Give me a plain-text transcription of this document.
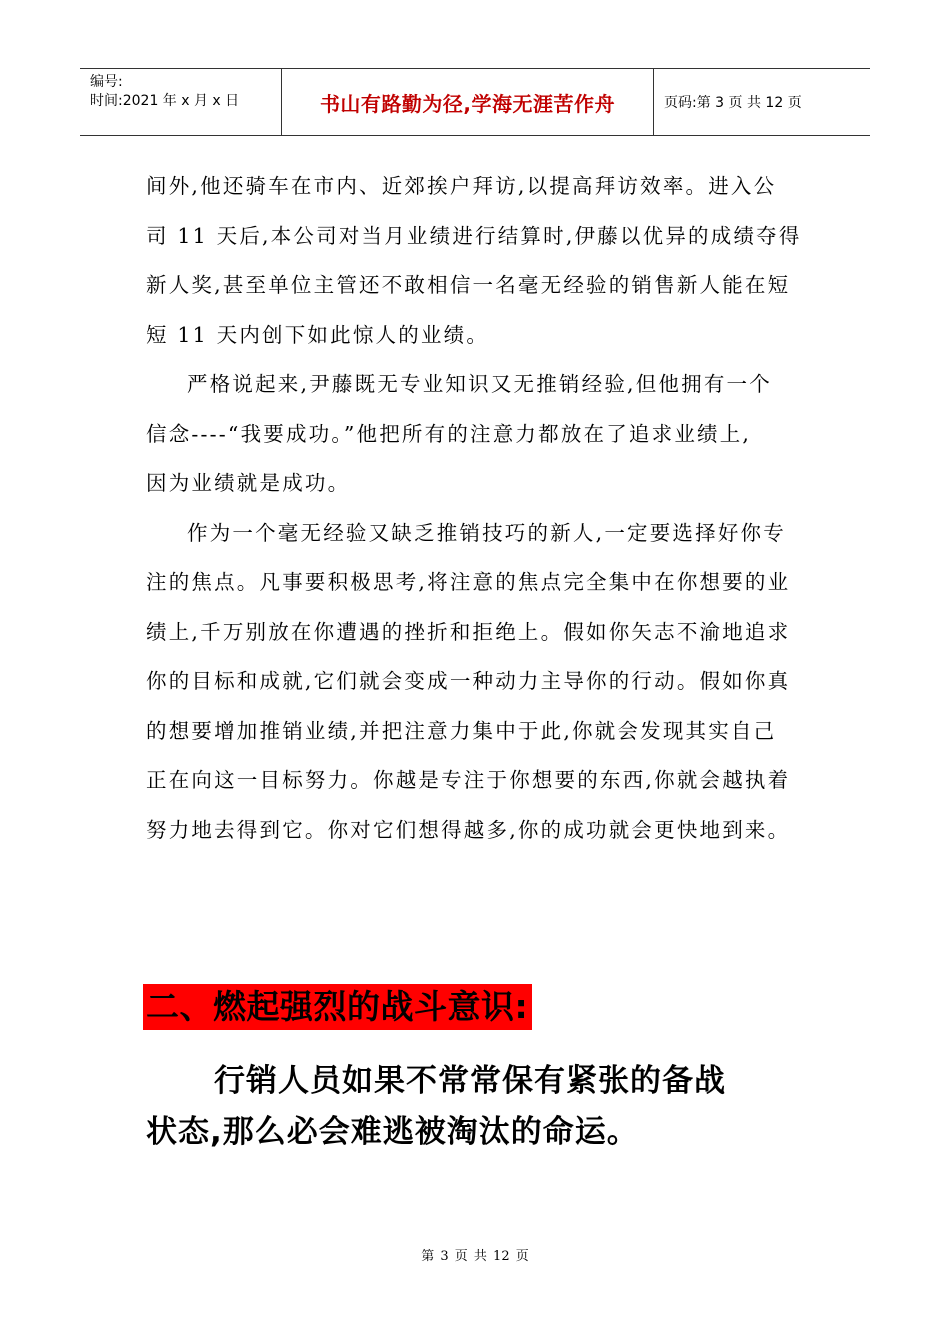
编号:
时间:2021 年 x 月 x 日	书山有路勤为径,学海无涯苦作舟	页码:第 3 页 共 12 页

间外,他还骑车在市内、近郊挨户拜访,以提高拜访效率。进入公
司 11 天后,本公司对当月业绩进行结算时,伊藤以优异的成绩夺得
新人奖,甚至单位主管还不敢相信一名毫无经验的销售新人能在短
短 11 天内创下如此惊人的业绩。

严格说起来,尹藤既无专业知识又无推销经验,但他拥有一个
信念----“我要成功。”他把所有的注意力都放在了追求业绩上,
因为业绩就是成功。

作为一个毫无经验又缺乏推销技巧的新人,一定要选择好你专
注的焦点。凡事要积极思考,将注意的焦点完全集中在你想要的业
绩上,千万别放在你遭遇的挫折和拒绝上。假如你矢志不渝地追求
你的目标和成就,它们就会变成一种动力主导你的行动。假如你真
的想要增加推销业绩,并把注意力集中于此,你就会发现其实自己
正在向这一目标努力。你越是专注于你想要的东西,你就会越执着
努力地去得到它。你对它们想得越多,你的成功就会更快地到来。

二、燃起强烈的战斗意识:

行销人员如果不常常保有紧张的备战
状态,那么必会难逃被淘汰的命运。

第 3 页 共 12 页
